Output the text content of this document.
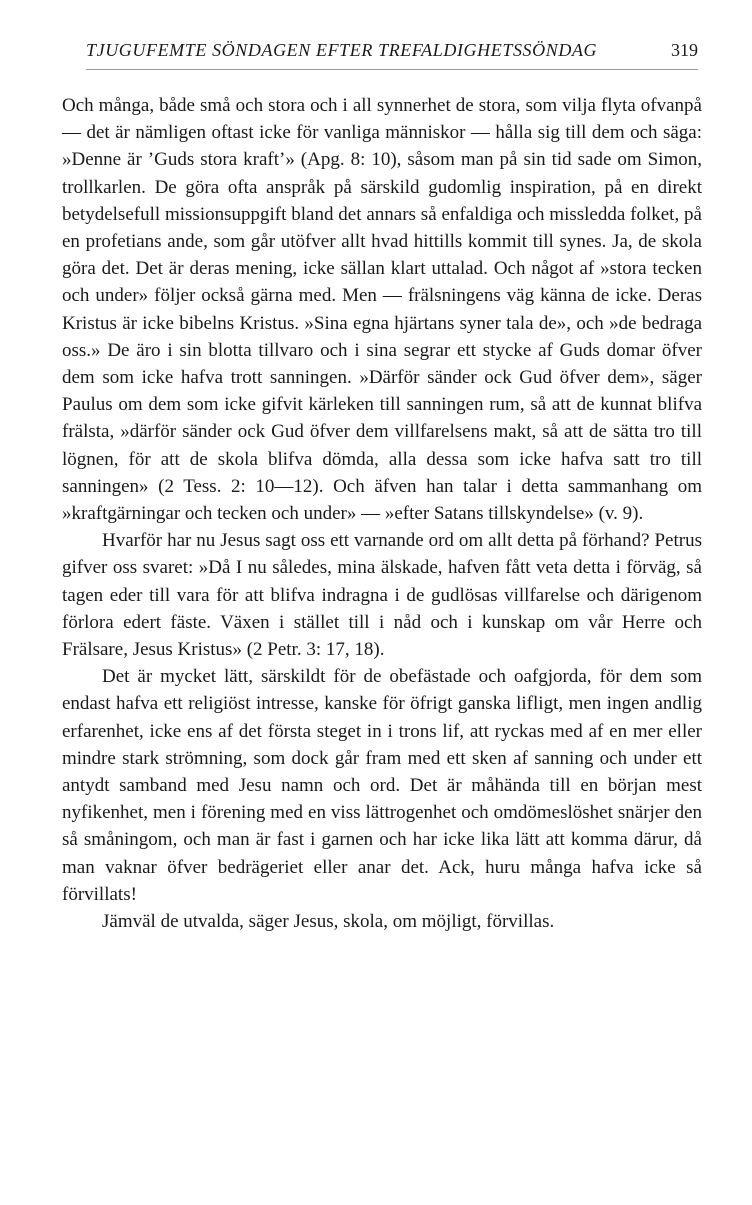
TJUGUFEMTE SÖNDAGEN EFTER TREFALDIGHETSSÖNDAG	319

Och många, både små och stora och i all synnerhet de stora, som vilja flyta ofvanpå — det är nämligen oftast icke för vanliga människor — hålla sig till dem och säga: »Denne är ’Guds stora kraft’» (Apg. 8: 10), såsom man på sin tid sade om Simon, trollkarlen. De göra ofta anspråk på särskild gudomlig inspiration, på en direkt betydelsefull missionsuppgift bland det annars så enfaldiga och missledda folket, på en profetians ande, som går utöfver allt hvad hittills kommit till synes. Ja, de skola göra det. Det är deras mening, icke sällan klart uttalad. Och något af »stora tecken och under» följer också gärna med. Men — frälsningens väg känna de icke. Deras Kristus är icke bibelns Kristus. »Sina egna hjärtans syner tala de», och »de bedraga oss.» De äro i sin blotta tillvaro och i sina segrar ett stycke af Guds domar öfver dem som icke hafva trott sanningen. »Därför sänder ock Gud öfver dem», säger Paulus om dem som icke gifvit kärleken till sanningen rum, så att de kunnat blifva frälsta, »därför sänder ock Gud öfver dem villfarelsens makt, så att de sätta tro till lögnen, för att de skola blifva dömda, alla dessa som icke hafva satt tro till sanningen» (2 Tess. 2: 10—12). Och äfven han talar i detta sammanhang om »kraftgärningar och tecken och under» — »efter Satans tillskyndelse» (v. 9).

Hvarför har nu Jesus sagt oss ett varnande ord om allt detta på förhand? Petrus gifver oss svaret: »Då I nu således, mina älskade, hafven fått veta detta i förväg, så tagen eder till vara för att blifva indragna i de gudlösas villfarelse och därigenom förlora edert fäste. Växen i stället till i nåd och i kunskap om vår Herre och Frälsare, Jesus Kristus» (2 Petr. 3: 17, 18).

Det är mycket lätt, särskildt för de obefästade och oafgjorda, för dem som endast hafva ett religiöst intresse, kanske för öfrigt ganska lifligt, men ingen andlig erfarenhet, icke ens af det första steget in i trons lif, att ryckas med af en mer eller mindre stark strömning, som dock går fram med ett sken af sanning och under ett antydt samband med Jesu namn och ord. Det är måhända till en början mest nyfikenhet, men i förening med en viss lättrogenhet och omdömeslöshet snärjer den så småningom, och man är fast i garnen och har icke lika lätt att komma därur, då man vaknar öfver bedrägeriet eller anar det. Ack, huru många hafva icke så förvillats!

Jämväl de utvalda, säger Jesus, skola, om möjligt, förvillas.
